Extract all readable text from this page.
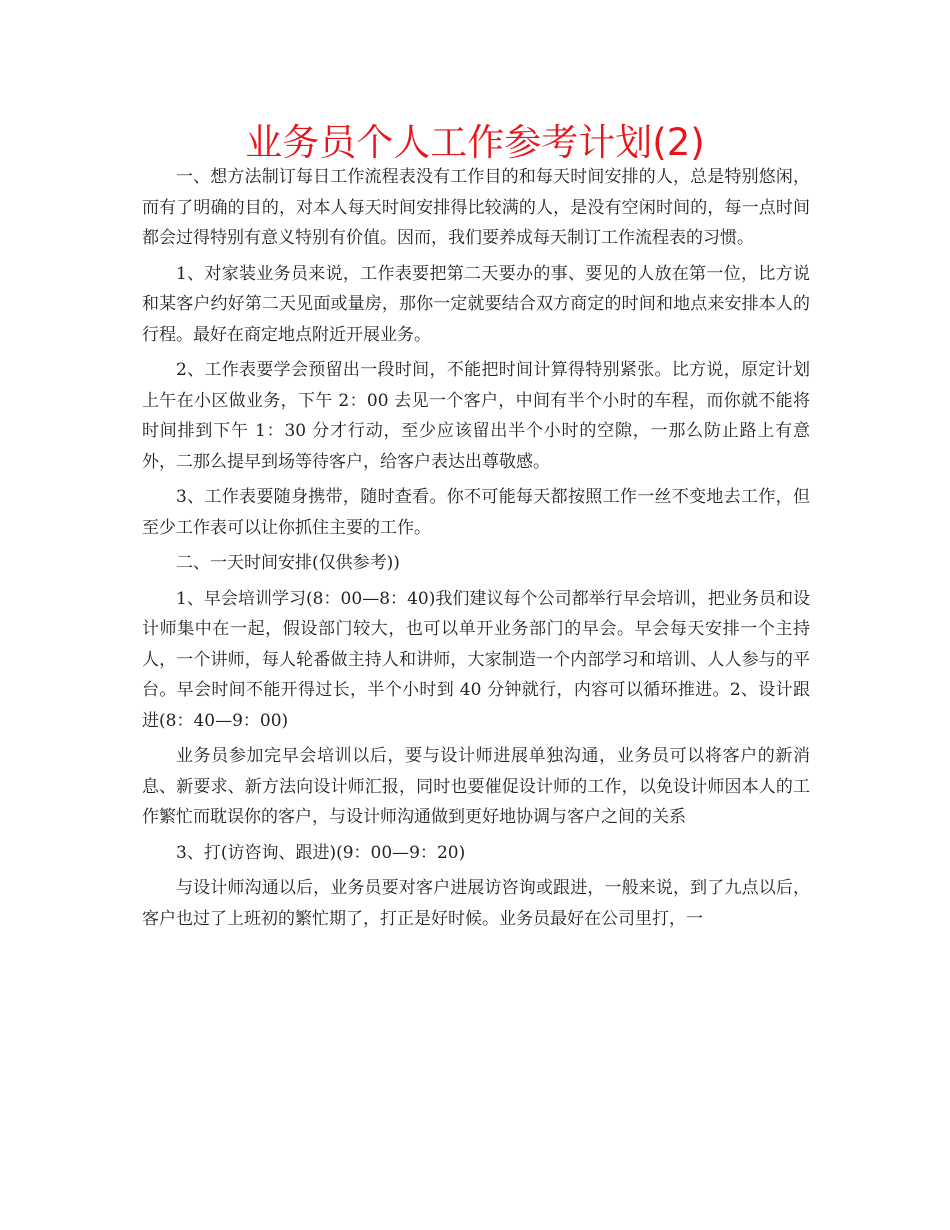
业务员个人工作参考计划(2)

一、想方法制订每日工作流程表没有工作目的和每天时间安排的人，总是特别悠闲，而有了明确的目的，对本人每天时间安排得比较满的人，是没有空闲时间的，每一点时间都会过得特别有意义特别有价值。因而，我们要养成每天制订工作流程表的习惯。

1、对家装业务员来说，工作表要把第二天要办的事、要见的人放在第一位，比方说和某客户约好第二天见面或量房，那你一定就要结合双方商定的时间和地点来安排本人的行程。最好在商定地点附近开展业务。

2、工作表要学会预留出一段时间，不能把时间计算得特别紧张。比方说，原定计划上午在小区做业务，下午 2：00 去见一个客户，中间有半个小时的车程，而你就不能将时间排到下午 1：30 分才行动，至少应该留出半个小时的空隙，一那么防止路上有意外，二那么提早到场等待客户，给客户表达出尊敬感。

3、工作表要随身携带，随时查看。你不可能每天都按照工作一丝不变地去工作，但至少工作表可以让你抓住主要的工作。

二、一天时间安排(仅供参考))

1、早会培训学习(8：00—8：40)我们建议每个公司都举行早会培训，把业务员和设计师集中在一起，假设部门较大，也可以单开业务部门的早会。早会每天安排一个主持人，一个讲师，每人轮番做主持人和讲师，大家制造一个内部学习和培训、人人参与的平台。早会时间不能开得过长，半个小时到 40 分钟就行，内容可以循环推进。2、设计跟进(8：40—9：00)

业务员参加完早会培训以后，要与设计师进展单独沟通，业务员可以将客户的新消息、新要求、新方法向设计师汇报，同时也要催促设计师的工作，以免设计师因本人的工作繁忙而耽误你的客户，与设计师沟通做到更好地协调与客户之间的关系

3、打(访咨询、跟进)(9：00—9：20)

与设计师沟通以后，业务员要对客户进展访咨询或跟进，一般来说，到了九点以后，客户也过了上班初的繁忙期了，打正是好时候。业务员最好在公司里打，一
